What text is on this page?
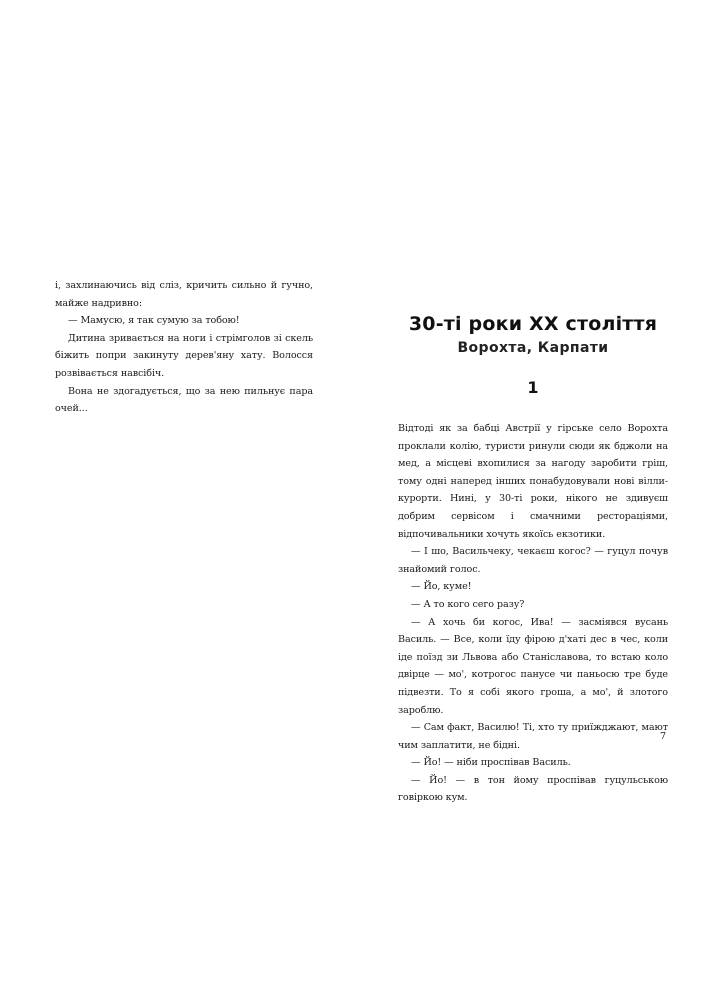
і, захлинаючись від сліз, кричить сильно й гучно, майже надривно:

— Мамусю, я так сумую за тобою!

Дитина зривається на ноги і стрімголов зі скель біжить попри закинуту дерев'яну хату. Волосся розвівається навсібіч.

Вона не здогадується, що за нею пильнує пара очей...

30-ті роки XX століття
Ворохта, Карпати
1

Відтоді як за бабці Австрії у гірське село Ворохта проклали колію, туристи ринули сюди як бджоли на мед, а місцеві вхопилися за нагоду заробити гріш, тому одні наперед інших понабудовували нові вілли-курорти. Нині, у 30-ті роки, нікого не здивуєш добрим сервісом і смачними ресторaціями, відпочивальники хочуть якоїсь екзотики.

— І шо, Васильчеку, чекаєш когос? — гуцул почув знайомий голос.

— Йо, куме!

— А то кого сего разу?

— А хочь би когос, Ива! — засміявся вусань Василь. — Все, коли їду фірою д'хаті дес в чес, коли іде поїзд зи Львова або Станіслaвова, то встаю коло двірце — мо', котрогос панусе чи паньосю тре буде підвезти. То я собі якого гроша, а мо', й злотого зароблю.

— Сам факт, Василю! Ті, хто ту приїжджают, мают чим заплатити, не бідні.

— Йо! — ніби проспівав Василь.

— Йо! — в тон йому проспівав гуцульською говіркою кум.

7
